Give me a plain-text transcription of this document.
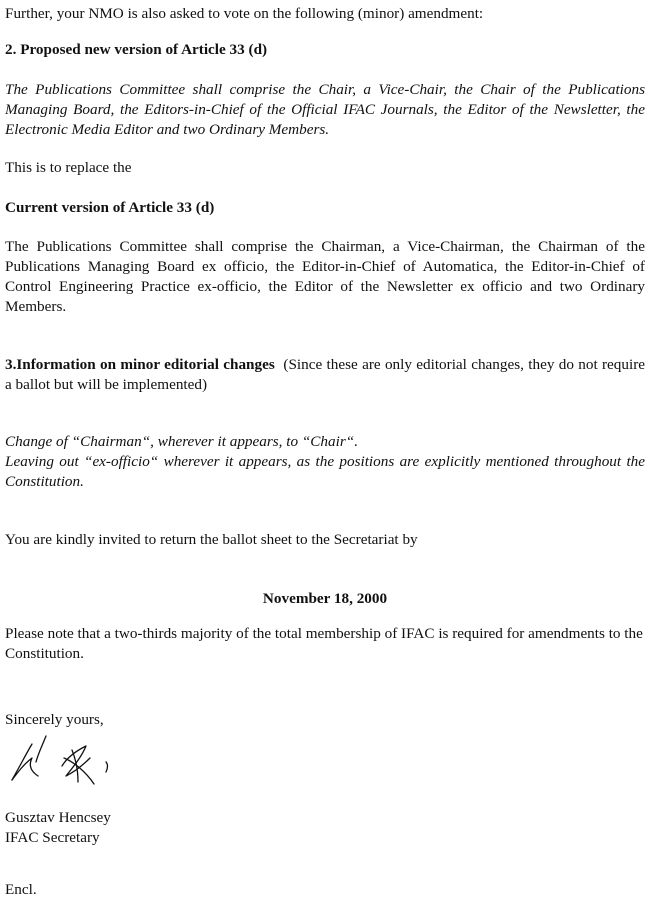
Further, your NMO is also asked to vote on the following (minor) amendment:

2. Proposed new version of Article 33 (d)

The Publications Committee shall comprise the Chair, a Vice-Chair, the Chair of the Publications Managing Board, the Editors-in-Chief of the Official IFAC Journals, the Editor of the Newsletter, the Electronic Media Editor and two Ordinary Members.

This is to replace the

Current version of Article 33 (d)

The Publications Committee shall comprise the Chairman, a Vice-Chairman, the Chairman of the Publications Managing Board ex officio, the Editor-in-Chief of Automatica, the Editor-in-Chief of Control Engineering Practice ex-officio, the Editor of the Newsletter ex officio and two Ordinary Members.

3.Information on minor editorial changes (Since these are only editorial changes, they do not require a ballot but will be implemented)

Change of “Chairman“, wherever it appears, to “Chair“.

Leaving out “ex-officio“ wherever it appears, as the positions are explicitly mentioned throughout the Constitution.

You are kindly invited to return the ballot sheet to the Secretariat by

November 18, 2000

Please note that a two-thirds majority of the total membership of IFAC is required for amendments to the Constitution.

Sincerely yours,

Gusztav Hencsey

IFAC Secretary

Encl.
